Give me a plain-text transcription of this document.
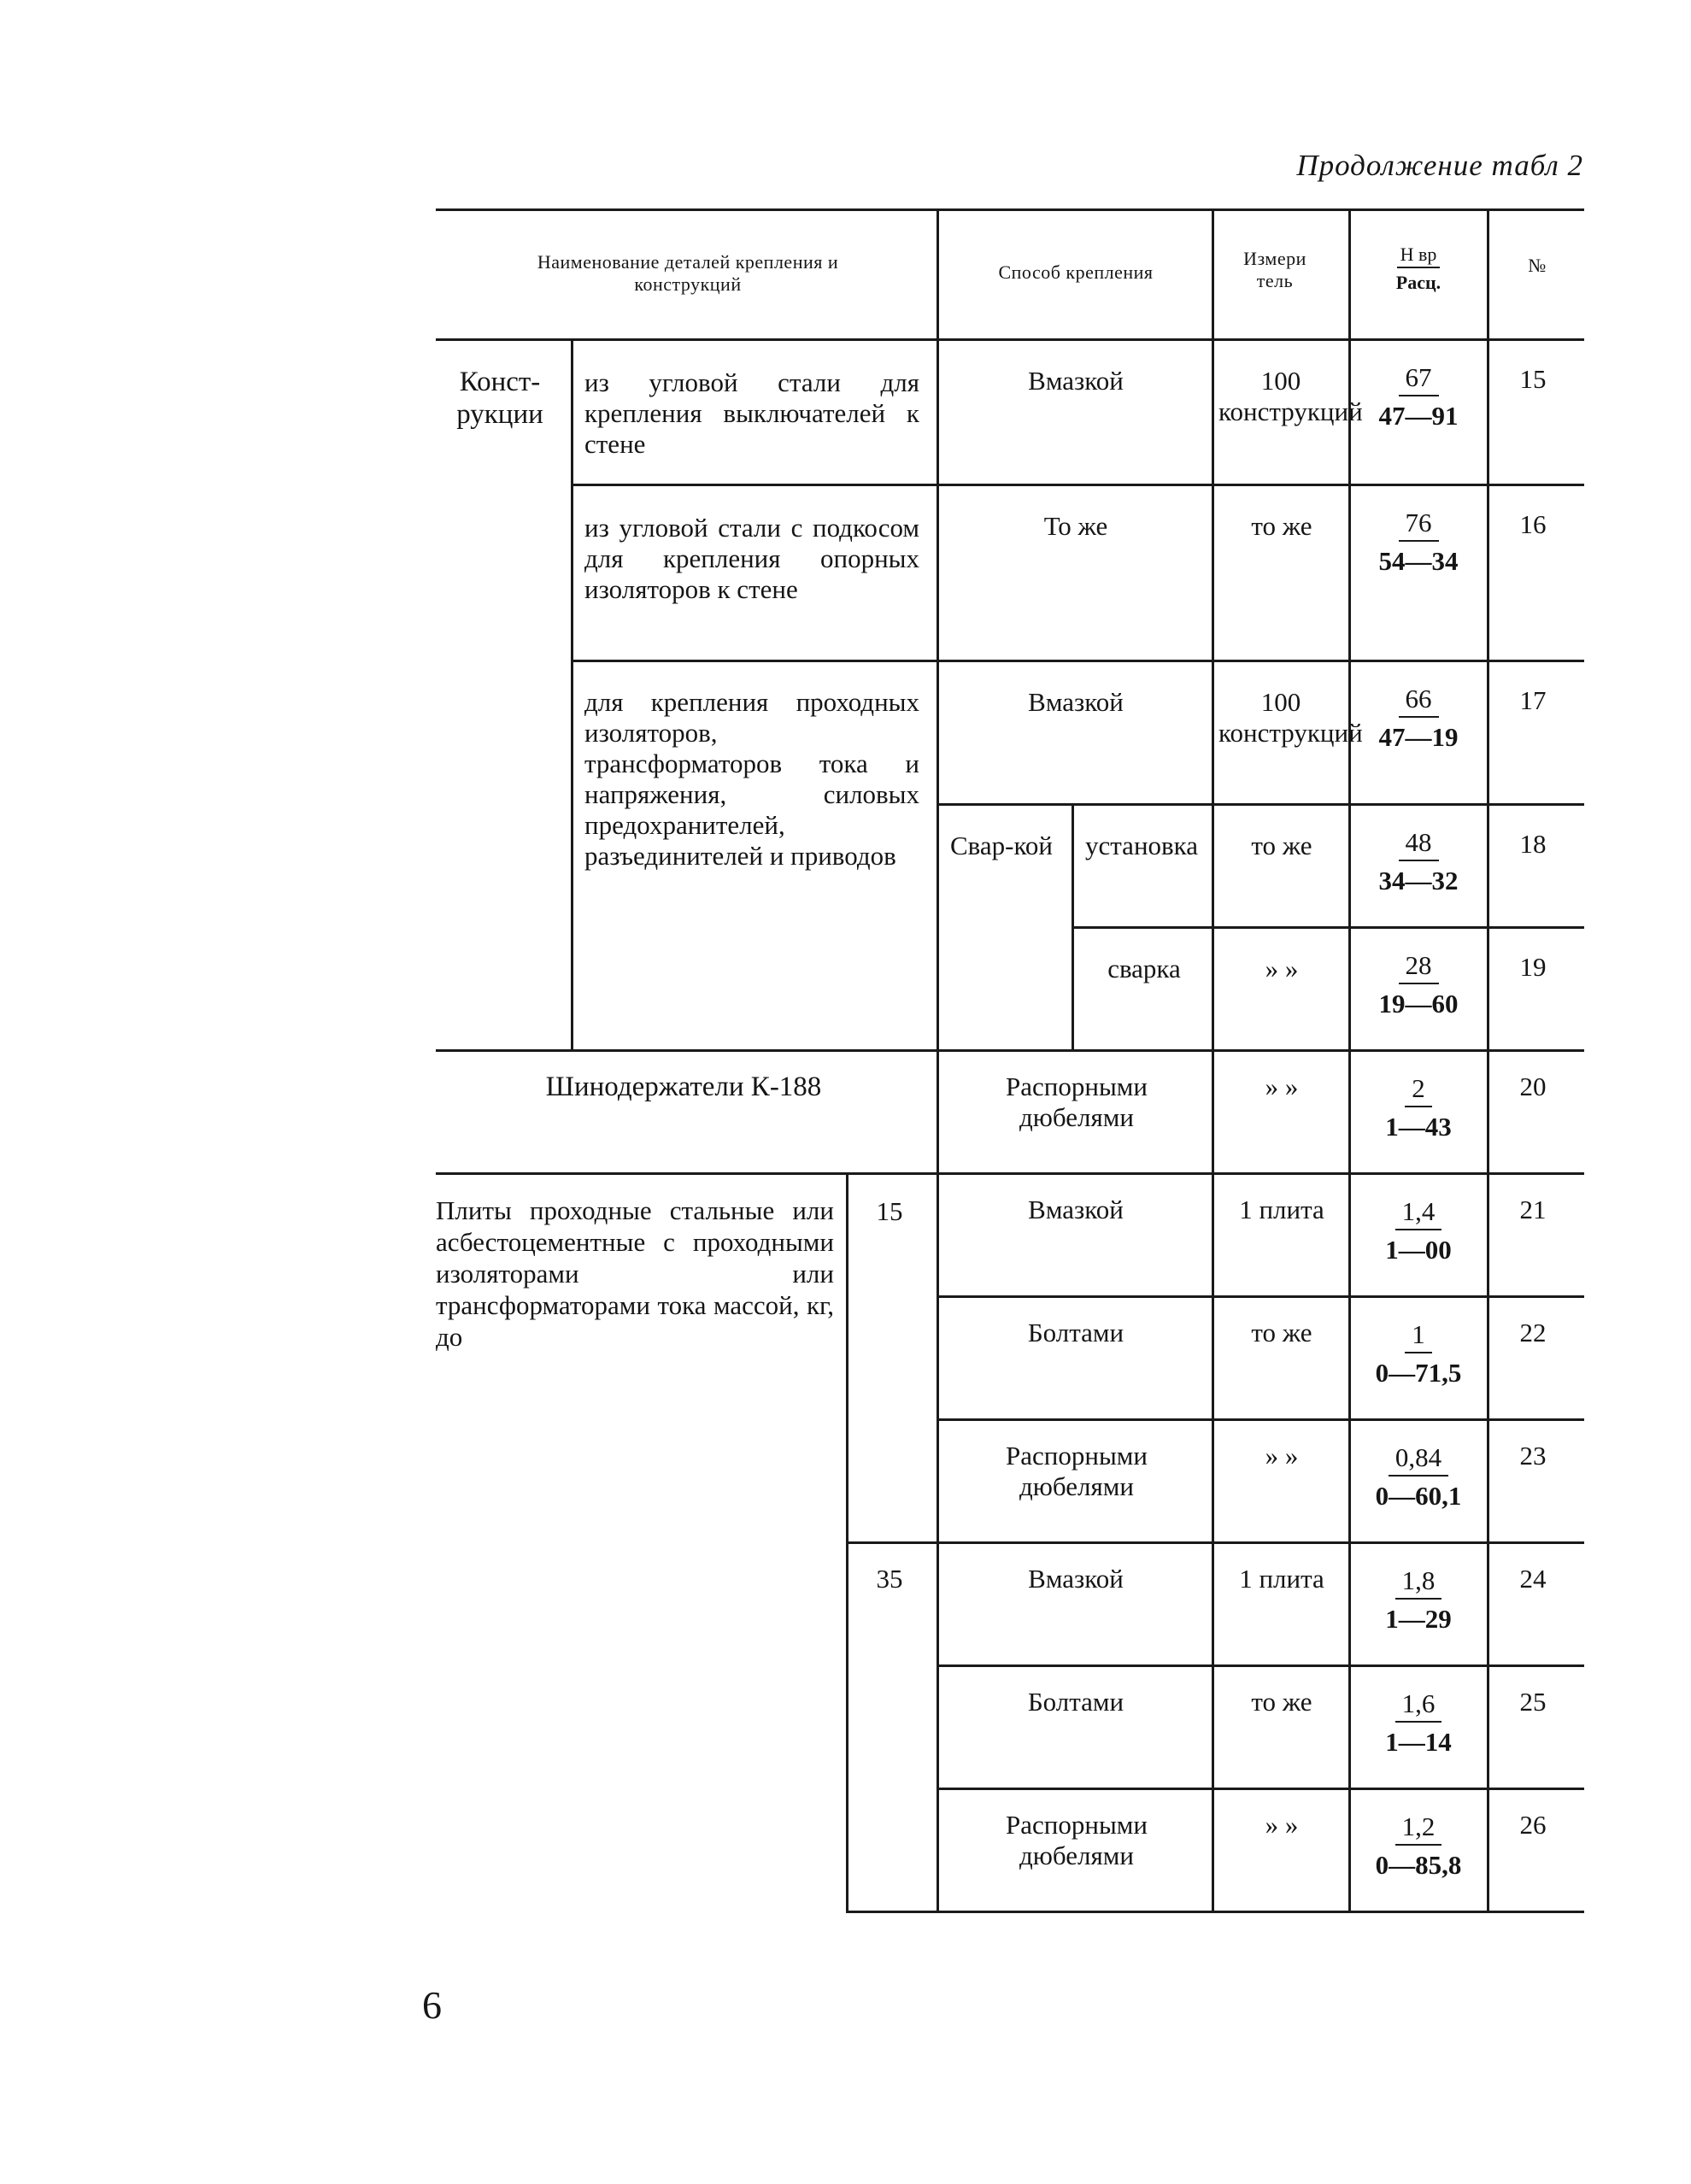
Продолжение табл 2
Наименование деталей крепления и конструкций
Способ крепления
Измери тель
Н вр
Расц.
№
Конст-рукции
Шинодержатели К-188
Плиты проходные стальные или асбестоцементные с проходными изоляторами или трансформаторами тока массой, кг, до
15
35
Свар-кой
из угловой стали для крепления выключателей к стене
из угловой стали с подкосом для крепления опорных изоляторов к стене
для крепления проходных изоляторов, трансформаторов тока и напряжения, силовых предохранителей, разъединителей и приводов
Вмазкой
То же
Вмазкой
установка
сварка
Распорными дюбелями
Вмазкой
Болтами
Распорными дюбелями
Вмазкой
Болтами
Распорными дюбелями
100 конструкций
то же
100 конструкций
то же
» »
» »
1 плита
то же
» »
1 плита
то же
» »
$\frac{67}{47—91}$
$\frac{76}{54—34}$
$\frac{66}{47—19}$
$\frac{48}{34—32}$
$\frac{28}{19—60}$
$\frac{2}{1—43}$
$\frac{1,4}{1—00}$
$\frac{1}{0—71,5}$
$\frac{0,84}{0—60,1}$
$\frac{1,8}{1—29}$
$\frac{1,6}{1—14}$
$\frac{1,2}{0—85,8}$
15
16
17
18
19
20
21
22
23
24
25
26
6
